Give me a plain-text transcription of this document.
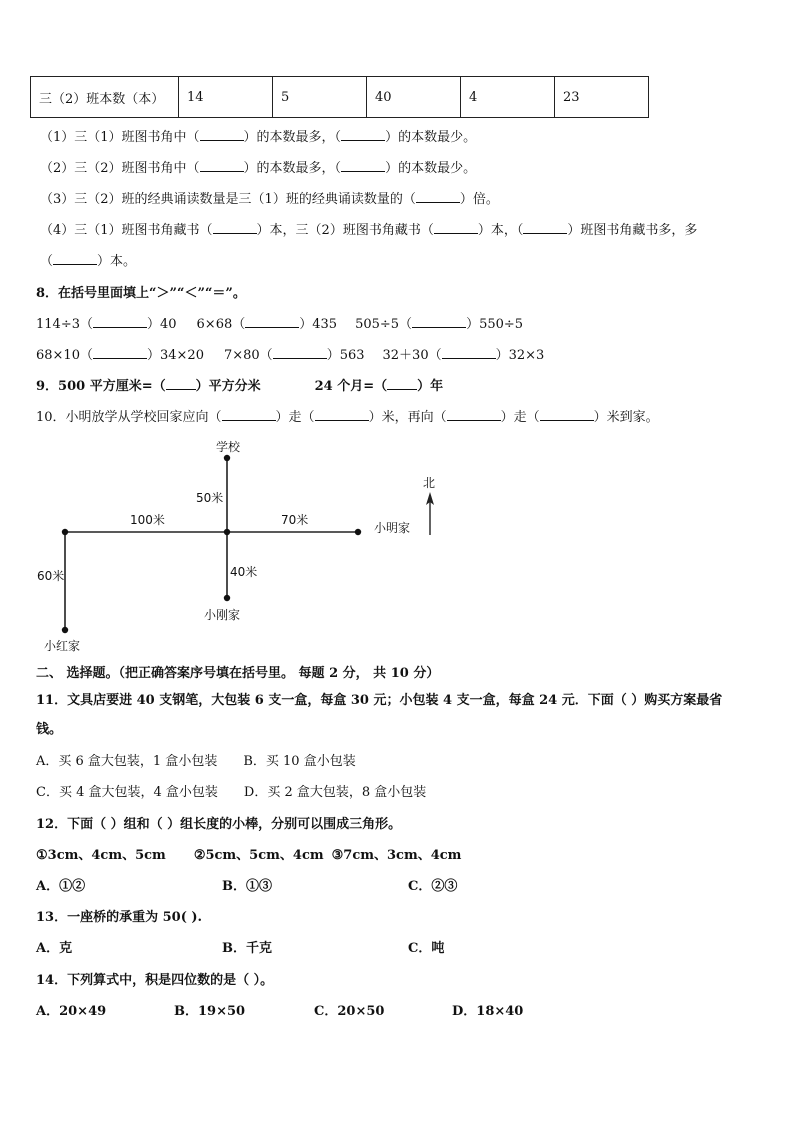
三（2）班本数（本）	14	5	40	4	23
（1）三（1）班图书角中（	）的本数最多，（	）的本数最少。
（2）三（2）班图书角中（	）的本数最多，（	）的本数最少。
（3）三（2）班的经典诵读数量是三（1）班的经典诵读数量的（	）倍。
（4）三（1）班图书角藏书（	）本，三（2）班图书角藏书（	）本，（	）班图书角藏书多，多
（	）本。
8．在括号里面填上“＞”“＜”“＝”。
114÷3（	）40 6×68（	）435 505÷5（	）550÷5
68×10（	）34×20 7×80（	）563 32＋30（	）32×3
9．500 平方厘米=（ ）平方分米	24 个月=（ ）年
10．小明放学从学校回家应向（	）走（	）米，再向（	）走（	）米到家。
学校
北
50米
100米	70米
小明家
40米
60米
小刚家
小红家
二、 选择题。（把正确答案序号填在括号里。 每题 2 分， 共 10 分）
11．文具店要进 40 支钢笔，大包装 6 支一盒，每盒 30 元；小包装 4 支一盒，每盒 24 元．下面（ ）购买方案最省
钱。
A．买 6 盒大包装，1 盒小包装 B．买 10 盒小包装
C．买 4 盒大包装，4 盒小包装 D．买 2 盒大包装，8 盒小包装
12．下面（ ）组和（ ）组长度的小棒，分别可以围成三角形。
①3cm、4cm、5cm ②5cm、5cm、4cm ③7cm、3cm、4cm
A．①②	B．①③	C．②③
13．一座桥的承重为 50( ).
A．克	B．千克	C．吨
14．下列算式中，积是四位数的是（ ）。
A．20×49	B．19×50	C．20×50	D．18×40
